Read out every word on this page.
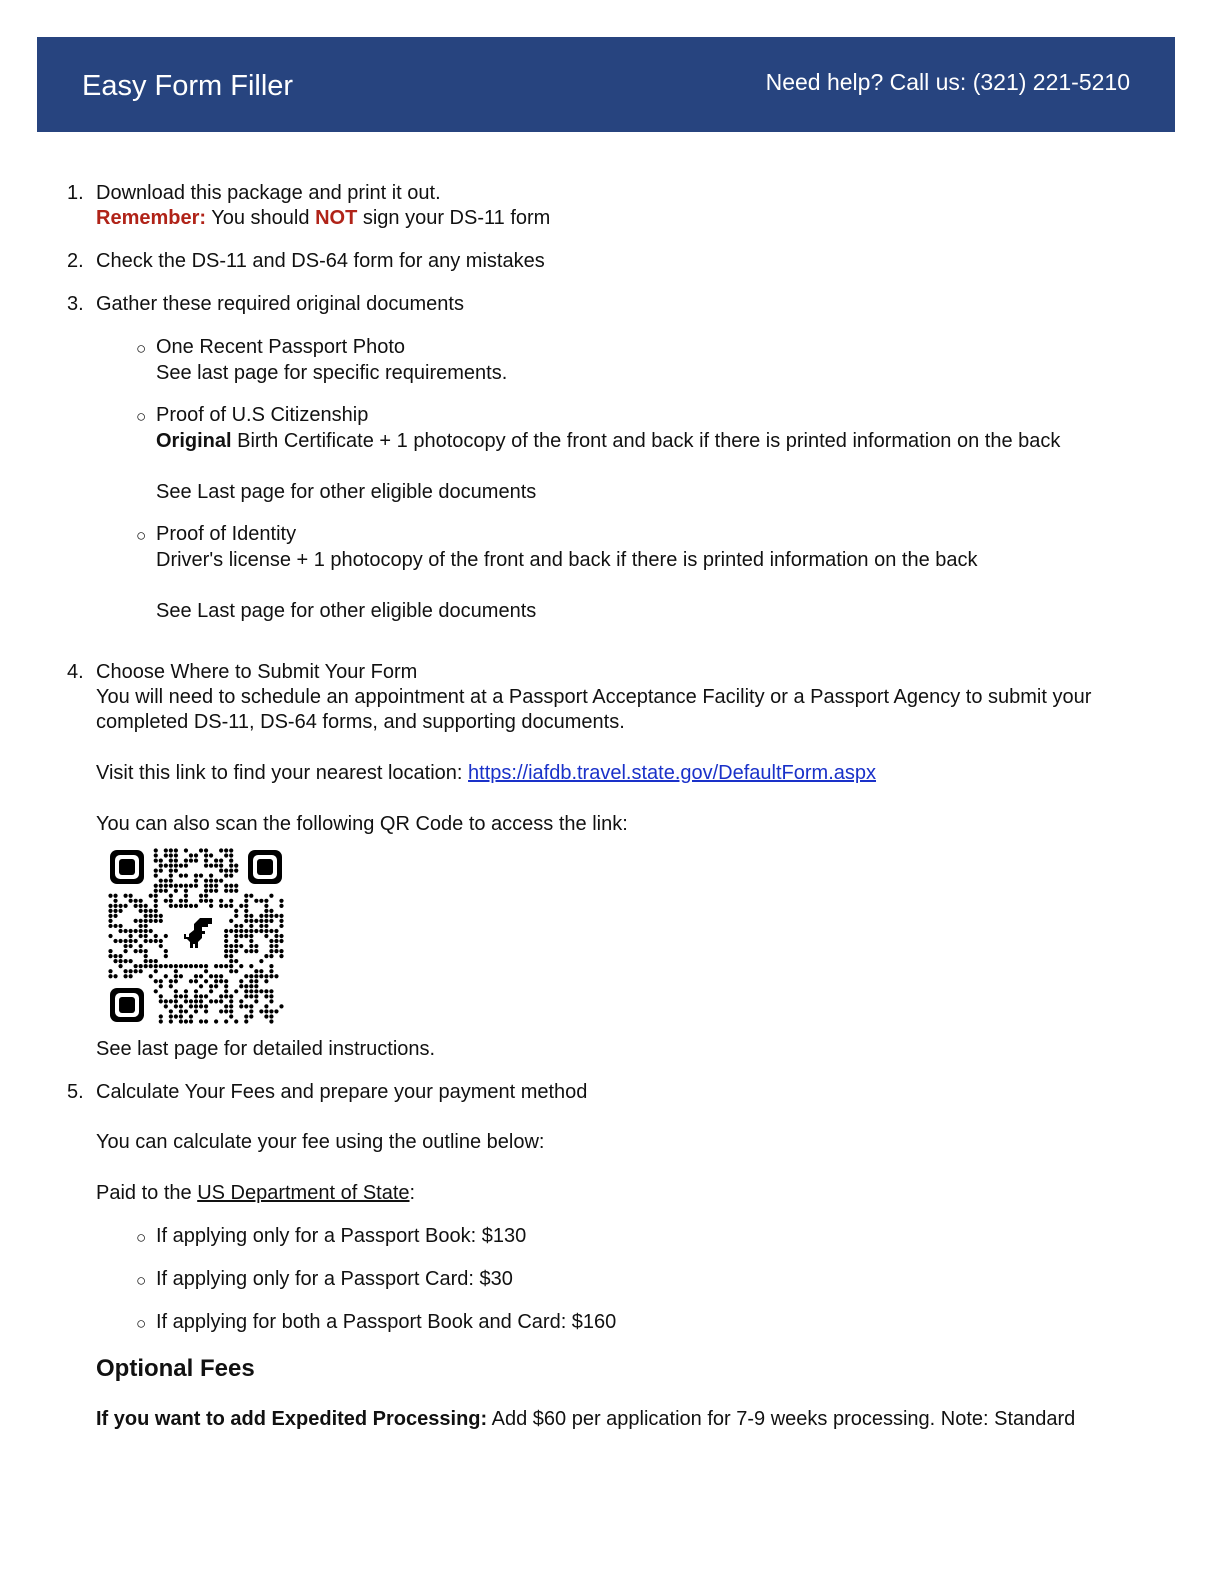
Easy Form Filler	Need help? Call us: (321) 221-5210
1. Download this package and print it out.
Remember: You should NOT sign your DS-11 form
2. Check the DS-11 and DS-64 form for any mistakes
3. Gather these required original documents
○ One Recent Passport Photo
See last page for specific requirements.
○ Proof of U.S Citizenship
Original Birth Certificate + 1 photocopy of the front and back if there is printed information on the back
See Last page for other eligible documents
○ Proof of Identity
Driver's license + 1 photocopy of the front and back if there is printed information on the back
See Last page for other eligible documents
4. Choose Where to Submit Your Form
You will need to schedule an appointment at a Passport Acceptance Facility or a Passport Agency to submit your
completed DS-11, DS-64 forms, and supporting documents.
Visit this link to find your nearest location: https://iafdb.travel.state.gov/DefaultForm.aspx
You can also scan the following QR Code to access the link:
See last page for detailed instructions.
5. Calculate Your Fees and prepare your payment method
You can calculate your fee using the outline below:
Paid to the US Department of State:
○ If applying only for a Passport Book: $130
○ If applying only for a Passport Card: $30
○ If applying for both a Passport Book and Card: $160
Optional Fees
If you want to add Expedited Processing: Add $60 per application for 7-9 weeks processing. Note: Standard
